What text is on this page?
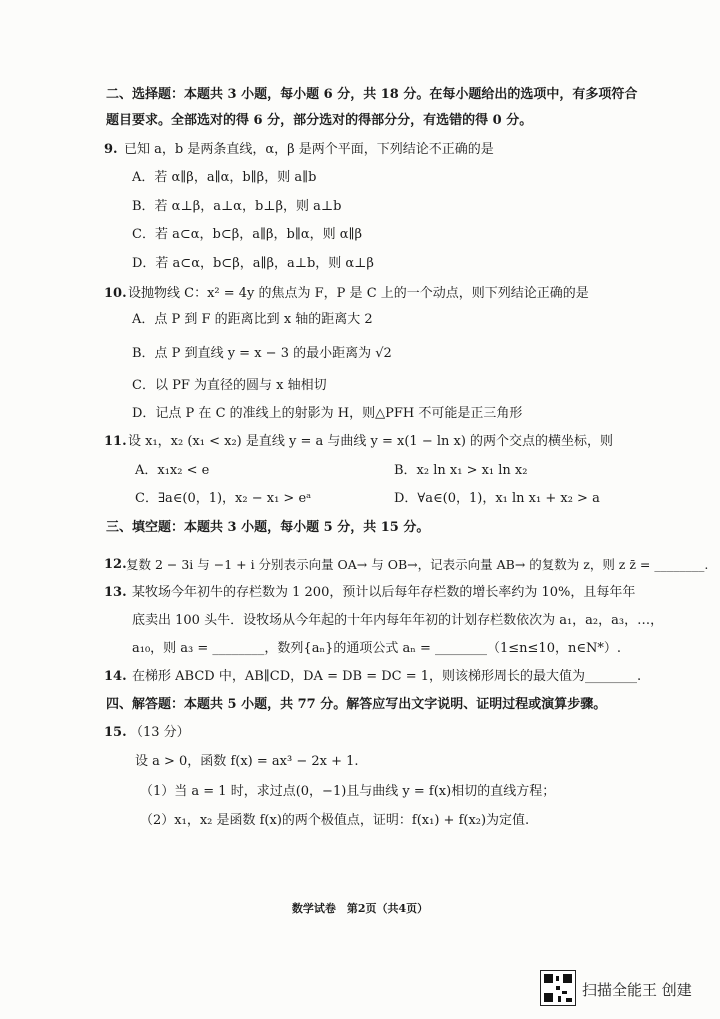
二、选择题：本题共 3 小题，每小题 6 分，共 18 分。在每小题给出的选项中，有多项符合
题目要求。全部选对的得 6 分，部分选对的得部分分，有选错的得 0 分。
9. 已知 a，b 是两条直线，α，β 是两个平面，下列结论不正确的是
A．若 α∥β，a∥α，b∥β，则 a∥b
B．若 α⊥β，a⊥α，b⊥β，则 a⊥b
C．若 a⊂α，b⊂β，a∥β，b∥α，则 α∥β
D．若 a⊂α，b⊂β，a∥β，a⊥b，则 α⊥β
10. 设抛物线 C：x² = 4y 的焦点为 F，P 是 C 上的一个动点，则下列结论正确的是
A．点 P 到 F 的距离比到 x 轴的距离大 2
B．点 P 到直线 y = x − 3 的最小距离为 √2
C．以 PF 为直径的圆与 x 轴相切
D．记点 P 在 C 的准线上的射影为 H，则△PFH 不可能是正三角形
11. 设 x₁，x₂ (x₁ < x₂) 是直线 y = a 与曲线 y = x(1 − ln x) 的两个交点的横坐标，则
A．x₁x₂ < e	B．x₂ ln x₁ > x₁ ln x₂
C．∃a∈(0，1)，x₂ − x₁ > eᵃ	D．∀a∈(0，1)，x₁ ln x₁ + x₂ > a
三、填空题：本题共 3 小题，每小题 5 分，共 15 分。
12. 复数 2 − 3i 与 −1 + i 分别表示向量 OA→ 与 OB→，记表示向量 AB→ 的复数为 z，则 z z̄ = ________.
13. 某牧场今年初牛的存栏数为 1 200，预计以后每年存栏数的增长率约为 10%，且每年年
底卖出 100 头牛．设牧场从今年起的十年内每年年初的计划存栏数依次为 a₁，a₂，a₃，…，
a₁₀，则 a₃ = ________，数列{aₙ}的通项公式 aₙ = ________（1≤n≤10，n∈N*）.
14. 在梯形 ABCD 中，AB∥CD，DA = DB = DC = 1，则该梯形周长的最大值为________.
四、解答题：本题共 5 小题，共 77 分。解答应写出文字说明、证明过程或演算步骤。
15. （13 分）
设 a > 0，函数 f(x) = ax³ − 2x + 1.
（1）当 a = 1 时，求过点(0，−1)且与曲线 y = f(x)相切的直线方程；
（2）x₁，x₂ 是函数 f(x)的两个极值点，证明：f(x₁) + f(x₂)为定值.
数学试卷　第2页（共4页）
扫描全能王 创建
